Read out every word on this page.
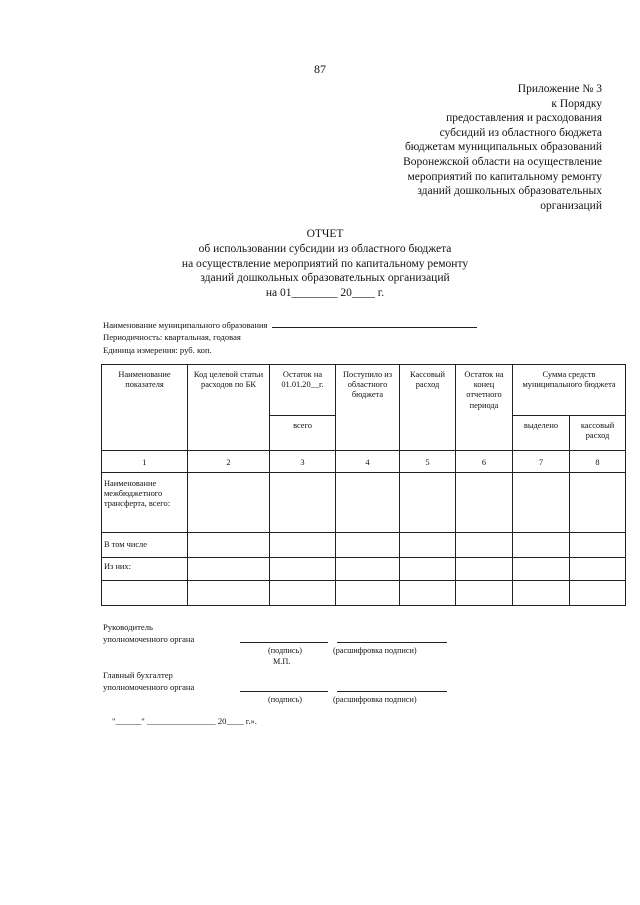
87
Приложение № 3
к Порядку
предоставления и расходования
субсидий из областного бюджета
бюджетам муниципальных образований
Воронежской области на осуществление
мероприятий по капитальному ремонту
зданий дошкольных образовательных
организаций
ОТЧЕТ
об использовании субсидии из областного бюджета
на осуществление мероприятий по капитальному ремонту
зданий дошкольных образовательных организаций
на 01________ 20____ г.
Наименование муниципального образования
Периодичность: квартальная, годовая
Единица измерения: руб. коп.
Наименование показателя	Код целевой статьи расходов по БК	Остаток на 01.01.20__г.	Поступило из областного бюджета	Кассовый расход	Остаток на конец отчетного периода	Сумма средств муниципального бюджета	
		всего				выделено	кассовый расход
1	2	3	4	5	6	7	8
Наименование межбюджетного трансферта, всего:							
В том числе							
Из них:							

Руководитель
уполномоченного органа
(подпись)	(расшифровка подписи)
М.П.
Главный бухгалтер
уполномоченного органа
(подпись)	(расшифровка подписи)
"______" ________________ 20____ г.».
